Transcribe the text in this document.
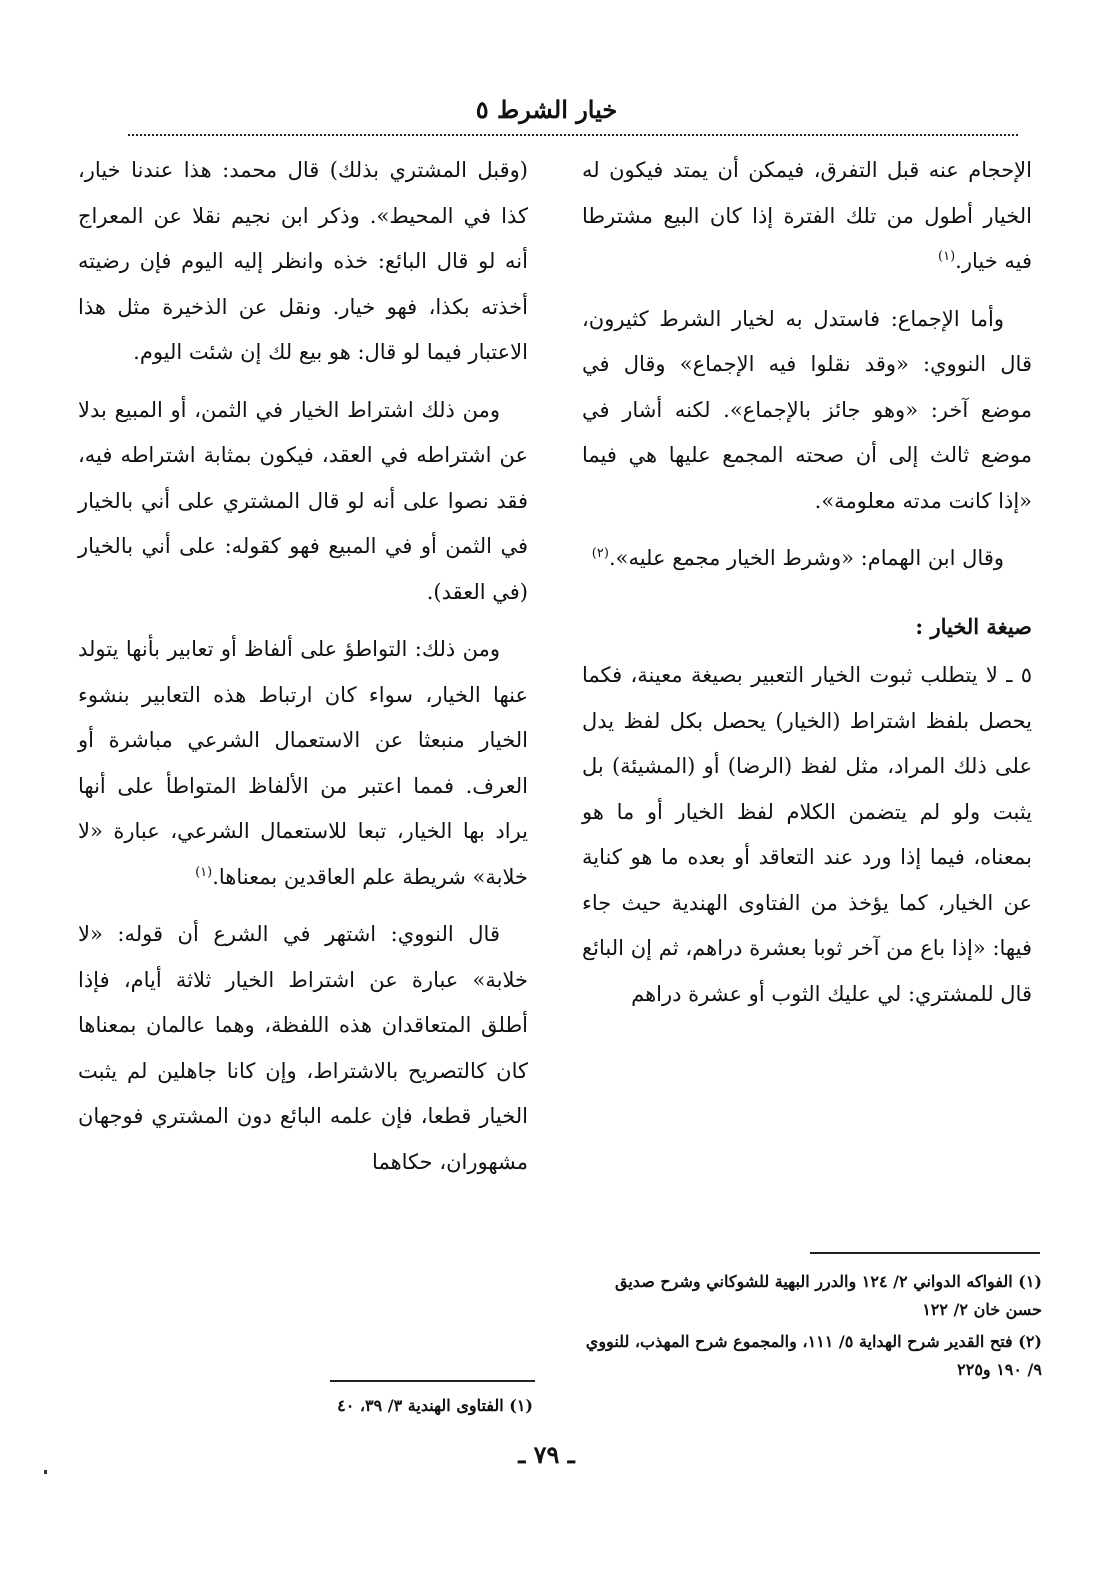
خيار الشرط ٥

الإحجام عنه قبل التفرق، فيمكن أن يمتد فيكون له الخيار أطول من تلك الفترة إذا كان البيع مشترطا فيه خيار.$^{(١)}$

وأما الإجماع: فاستدل به لخيار الشرط كثيرون، قال النووي: «وقد نقلوا فيه الإجماع» وقال في موضع آخر: «وهو جائز بالإجماع». لكنه أشار في موضع ثالث إلى أن صحته المجمع عليها هي فيما «إذا كانت مدته معلومة».

وقال ابن الهمام: «وشرط الخيار مجمع عليه».$^{(٢)}$

صيغة الخيار :

٥ ـ لا يتطلب ثبوت الخيار التعبير بصيغة معينة، فكما يحصل بلفظ اشتراط (الخيار) يحصل بكل لفظ يدل على ذلك المراد، مثل لفظ (الرضا) أو (المشيئة) بل يثبت ولو لم يتضمن الكلام لفظ الخيار أو ما هو بمعناه، فيما إذا ورد عند التعاقد أو بعده ما هو كناية عن الخيار، كما يؤخذ من الفتاوى الهندية حيث جاء فيها: «إذا باع من آخر ثوبا بعشرة دراهم، ثم إن البائع قال للمشتري: لي عليك الثوب أو عشرة دراهم

(وقبل المشتري بذلك) قال محمد: هذا عندنا خيار، كذا في المحيط». وذكر ابن نجيم نقلا عن المعراج أنه لو قال البائع: خذه وانظر إليه اليوم فإن رضيته أخذته بكذا، فهو خيار. ونقل عن الذخيرة مثل هذا الاعتبار فيما لو قال: هو بيع لك إن شئت اليوم.

ومن ذلك اشتراط الخيار في الثمن، أو المبيع بدلا عن اشتراطه في العقد، فيكون بمثابة اشتراطه فيه، فقد نصوا على أنه لو قال المشتري على أني بالخيار في الثمن أو في المبيع فهو كقوله: على أني بالخيار (في العقد).

ومن ذلك: التواطؤ على ألفاظ أو تعابير بأنها يتولد عنها الخيار، سواء كان ارتباط هذه التعابير بنشوء الخيار منبعثا عن الاستعمال الشرعي مباشرة أو العرف. فمما اعتبر من الألفاظ المتواطأ على أنها يراد بها الخيار، تبعا للاستعمال الشرعي، عبارة «لا خلابة» شريطة علم العاقدين بمعناها.$^{(١)}$

قال النووي: اشتهر في الشرع أن قوله: «لا خلابة» عبارة عن اشتراط الخيار ثلاثة أيام، فإذا أطلق المتعاقدان هذه اللفظة، وهما عالمان بمعناها كان كالتصريح بالاشتراط، وإن كانا جاهلين لم يثبت الخيار قطعا، فإن علمه البائع دون المشتري فوجهان مشهوران، حكاهما

(١) الفواكه الدواني ٢/ ١٢٤ والدرر البهية للشوكاني وشرح صديق حسن خان ٢/ ١٢٢

(٢) فتح القدير شرح الهداية ٥/ ١١١، والمجموع شرح المهذب، للنووي ٩/ ١٩٠ و٢٢٥

(١) الفتاوى الهندية ٣/ ٣٩، ٤٠

ـ ٧٩ ـ
